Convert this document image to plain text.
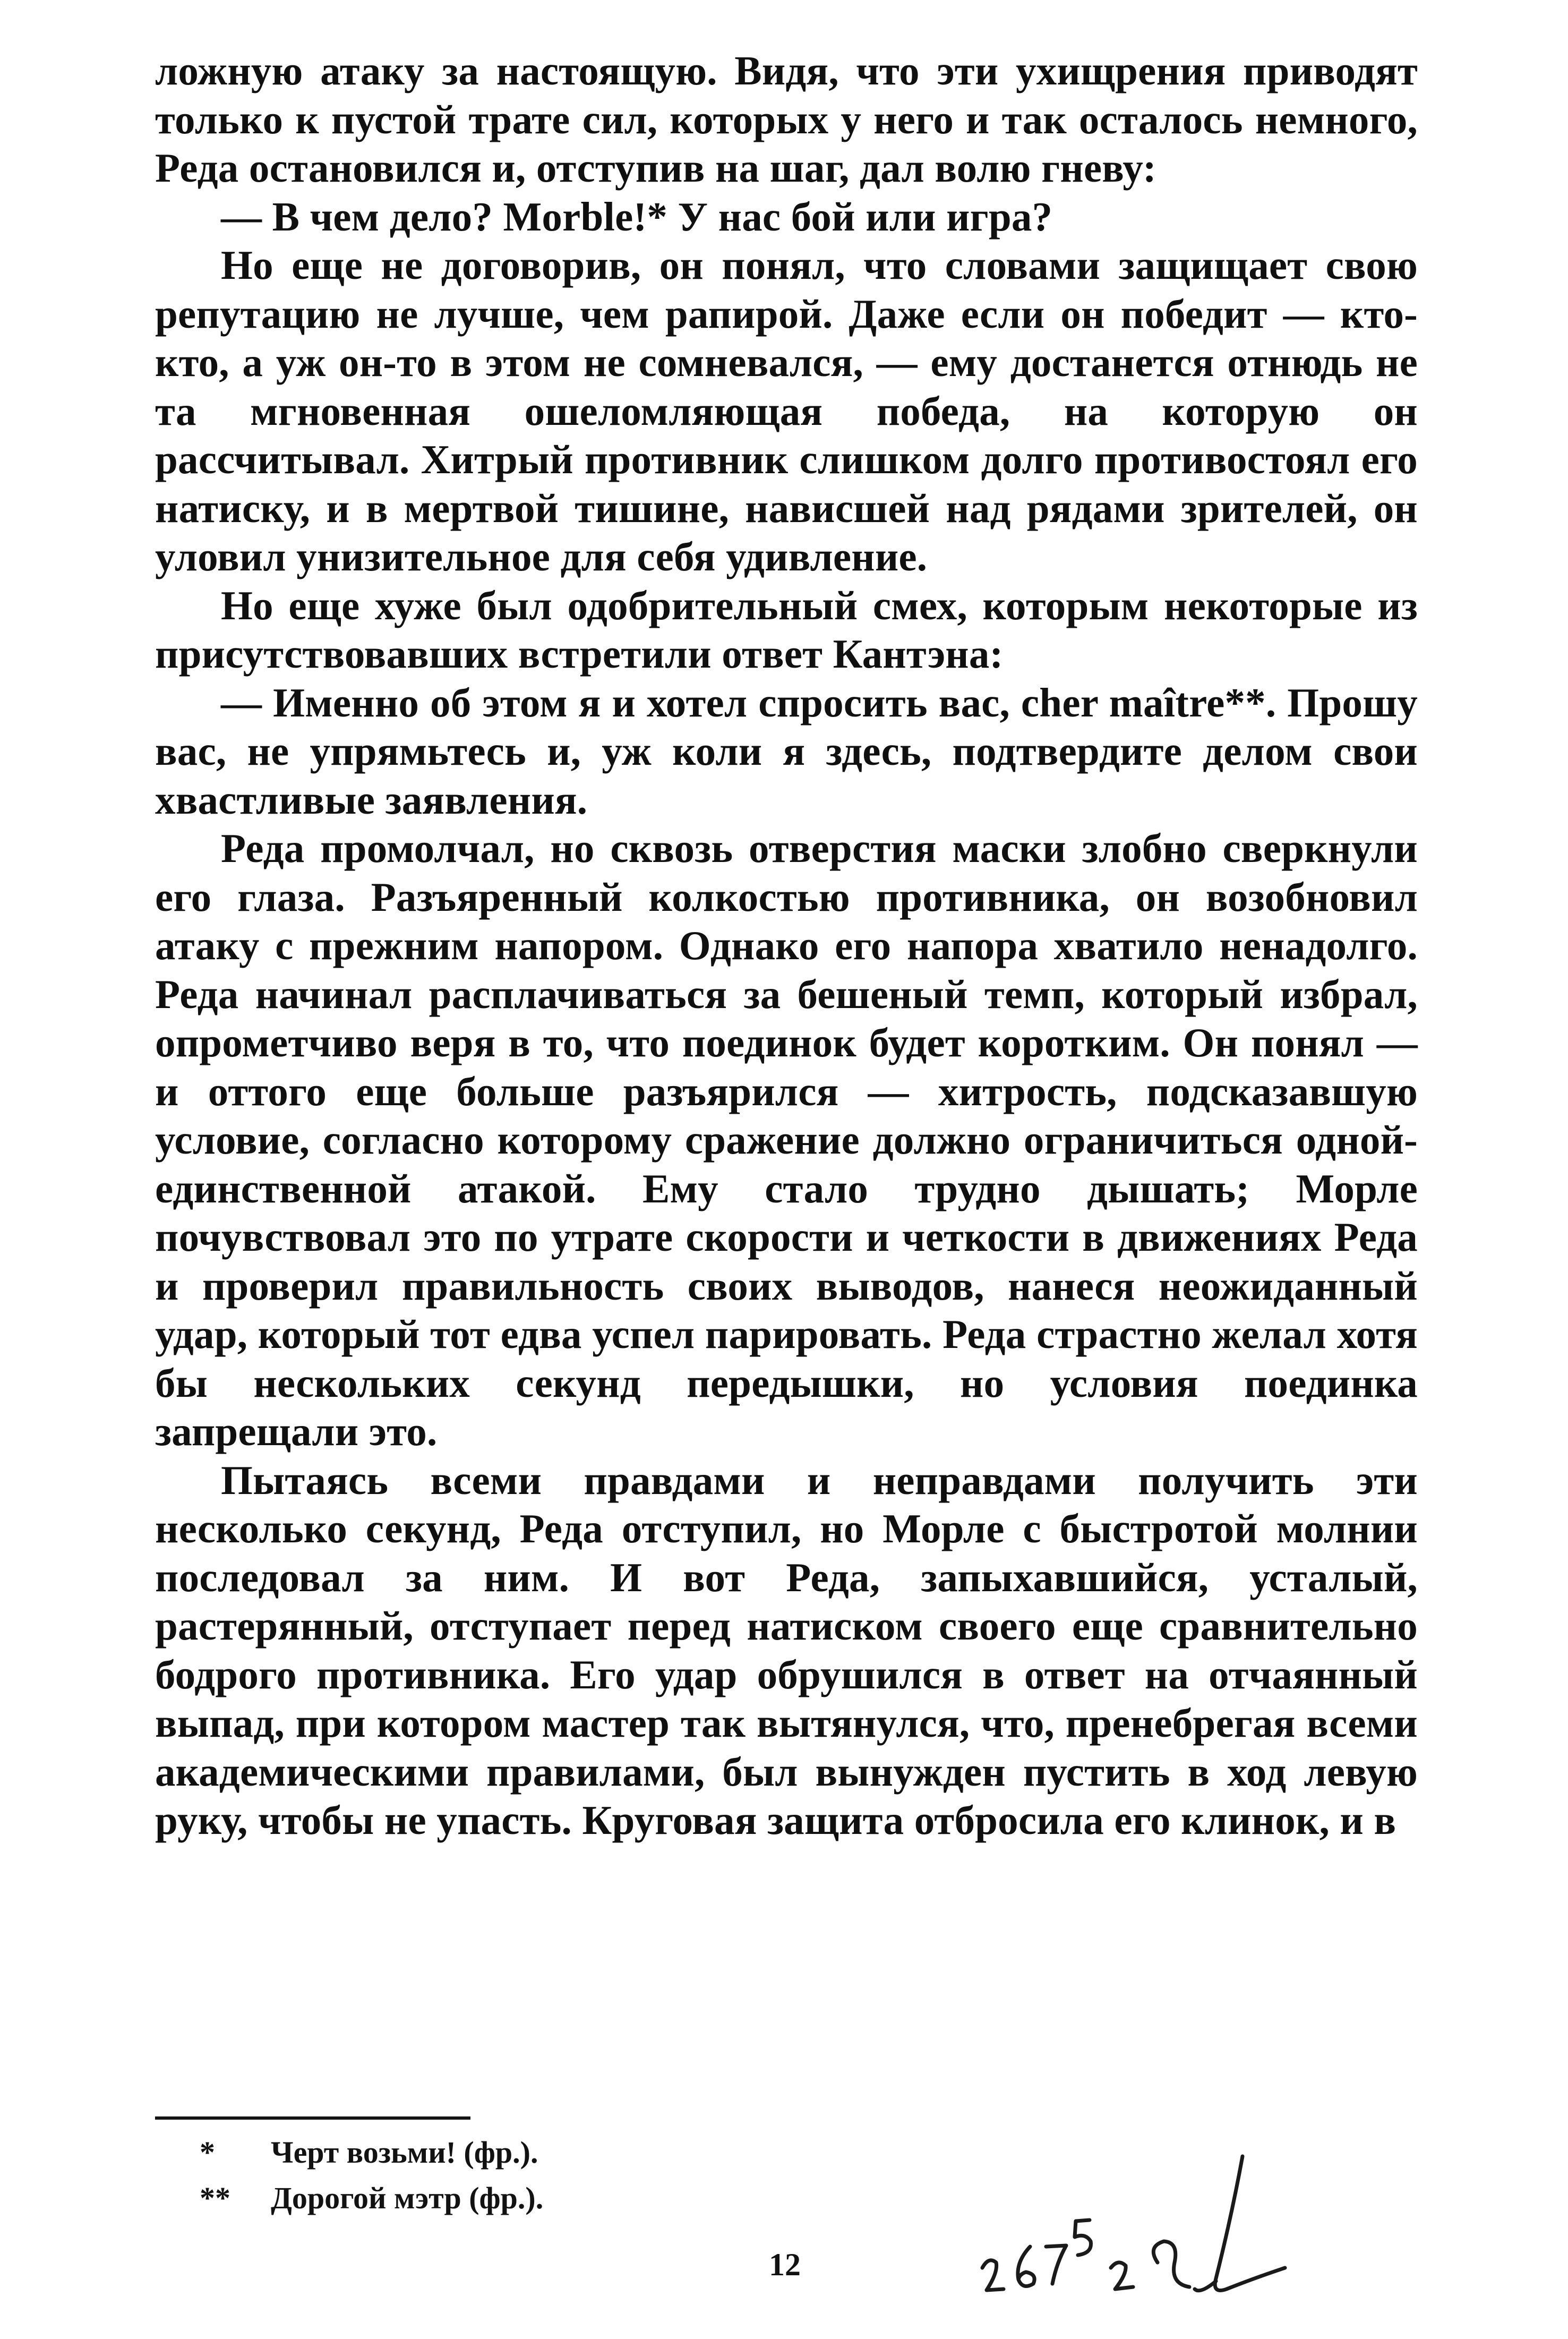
ложную атаку за настоящую. Видя, что эти ухищрения приводят только к пустой трате сил, которых у него и так осталось немного, Реда остановился и, отступив на шаг, дал волю гневу:

— В чем дело? Morble!* У нас бой или игра?

Но еще не договорив, он понял, что словами защищает свою репутацию не лучше, чем рапирой. Даже если он победит — кто-кто, а уж он-то в этом не сомневался, — ему достанется отнюдь не та мгновенная ошеломляющая победа, на которую он рассчитывал. Хитрый противник слишком долго противостоял его натиску, и в мертвой тишине, нависшей над рядами зрителей, он уловил унизительное для себя удивление.

Но еще хуже был одобрительный смех, которым некоторые из присутствовавших встретили ответ Кантэна:

— Именно об этом я и хотел спросить вас, cher maître**. Прошу вас, не упрямьтесь и, уж коли я здесь, подтвердите делом свои хвастливые заявления.

Реда промолчал, но сквозь отверстия маски злобно сверкнули его глаза. Разъяренный колкостью противника, он возобновил атаку с прежним напором. Однако его напора хватило ненадолго. Реда начинал расплачиваться за бешеный темп, который избрал, опрометчиво веря в то, что поединок будет коротким. Он понял — и оттого еще больше разъярился — хитрость, подсказавшую условие, согласно которому сражение должно ограничиться одной-единственной атакой. Ему стало трудно дышать; Морле почувствовал это по утрате скорости и четкости в движениях Реда и проверил правильность своих выводов, нанеся неожиданный удар, который тот едва успел парировать. Реда страстно желал хотя бы нескольких секунд передышки, но условия поединка запрещали это.

Пытаясь всеми правдами и неправдами получить эти несколько секунд, Реда отступил, но Морле с быстротой молнии последовал за ним. И вот Реда, запыхавшийся, усталый, растерянный, отступает перед натиском своего еще сравнительно бодрого противника. Его удар обрушился в ответ на отчаянный выпад, при котором мастер так вытянулся, что, пренебрегая всеми академическими правилами, был вынужден пустить в ход левую руку, чтобы не упасть. Круговая защита отбросила его клинок, и в

*	Черт возьми! (фр.).
**	Дорогой мэтр (фр.).
12
